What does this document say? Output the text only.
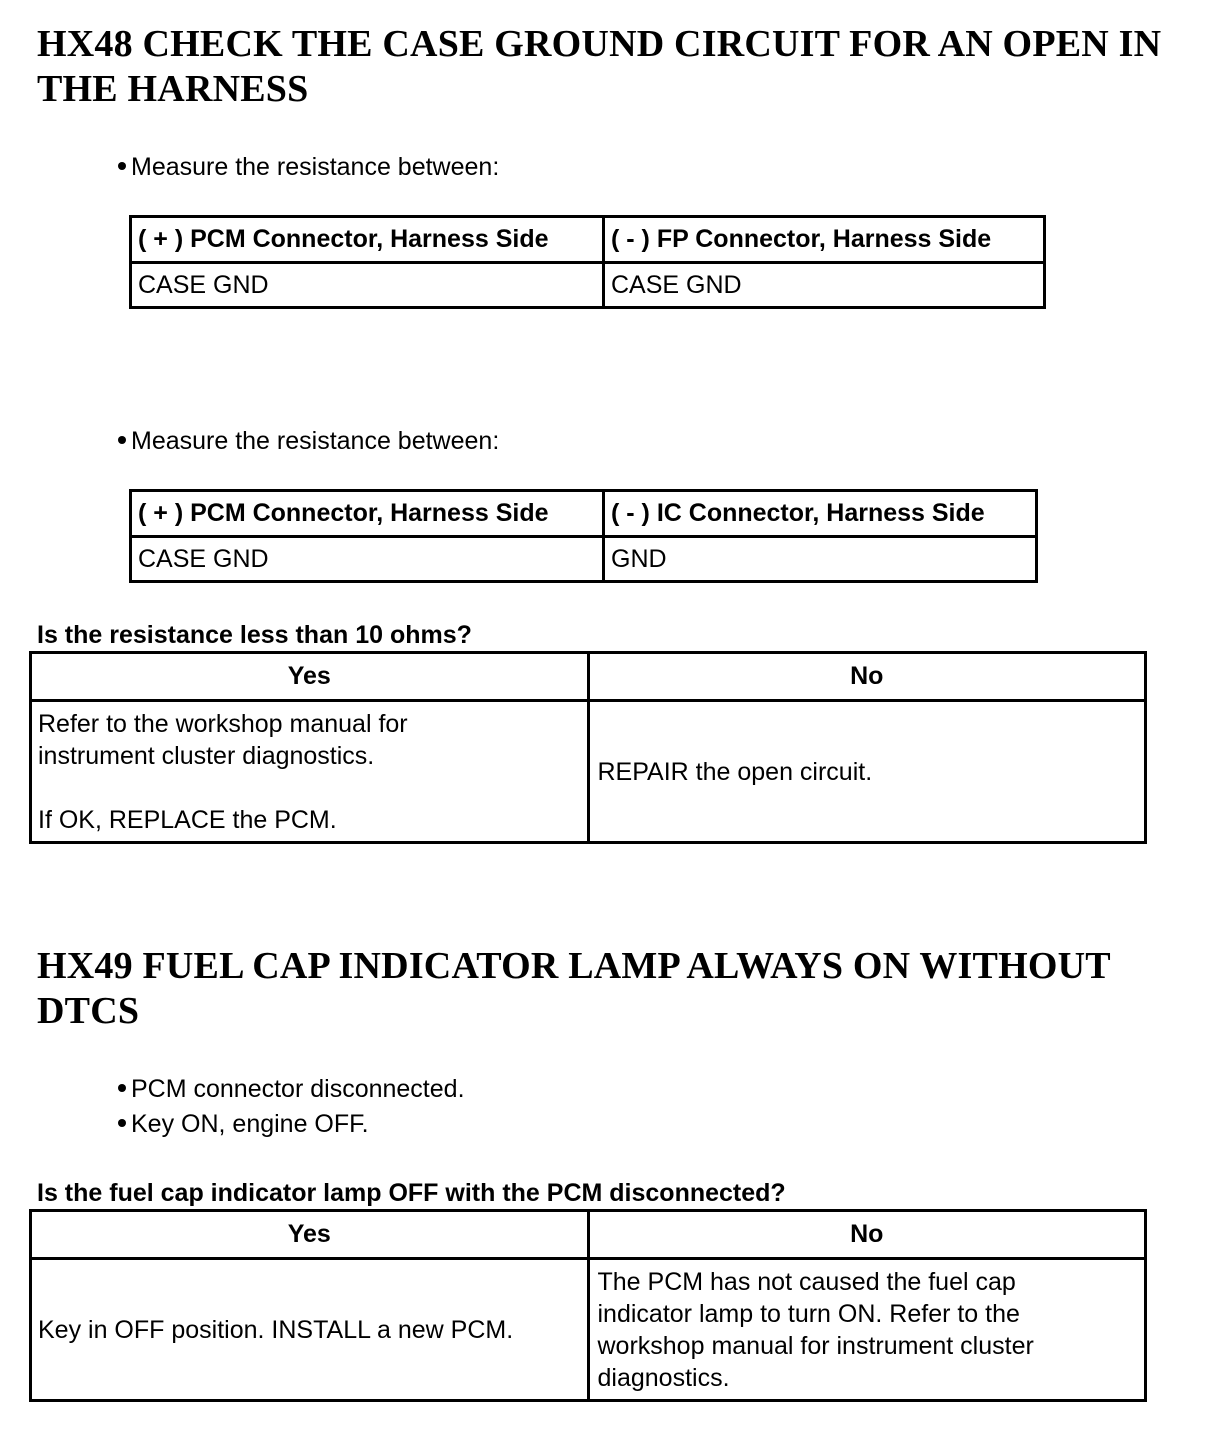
HX48 CHECK THE CASE GROUND CIRCUIT FOR AN OPEN IN THE HARNESS
Measure the resistance between:
( + ) PCM Connector, Harness Side	( - ) FP Connector, Harness Side
CASE GND	CASE GND
Measure the resistance between:
( + ) PCM Connector, Harness Side	( - ) IC Connector, Harness Side
CASE GND	GND
Is the resistance less than 10 ohms?
Yes	No

Refer to the workshop manual for
instrument cluster diagnostics.
If OK, REPLACE the PCM.	REPAIR the open circuit.
HX49 FUEL CAP INDICATOR LAMP ALWAYS ON WITHOUT DTCS
PCM connector disconnected.
Key ON, engine OFF.
Is the fuel cap indicator lamp OFF with the PCM disconnected?
Yes	No
Key in OFF position. INSTALL a new PCM.	The PCM has not caused the fuel cap
indicator lamp to turn ON. Refer to the
workshop manual for instrument cluster
diagnostics.
